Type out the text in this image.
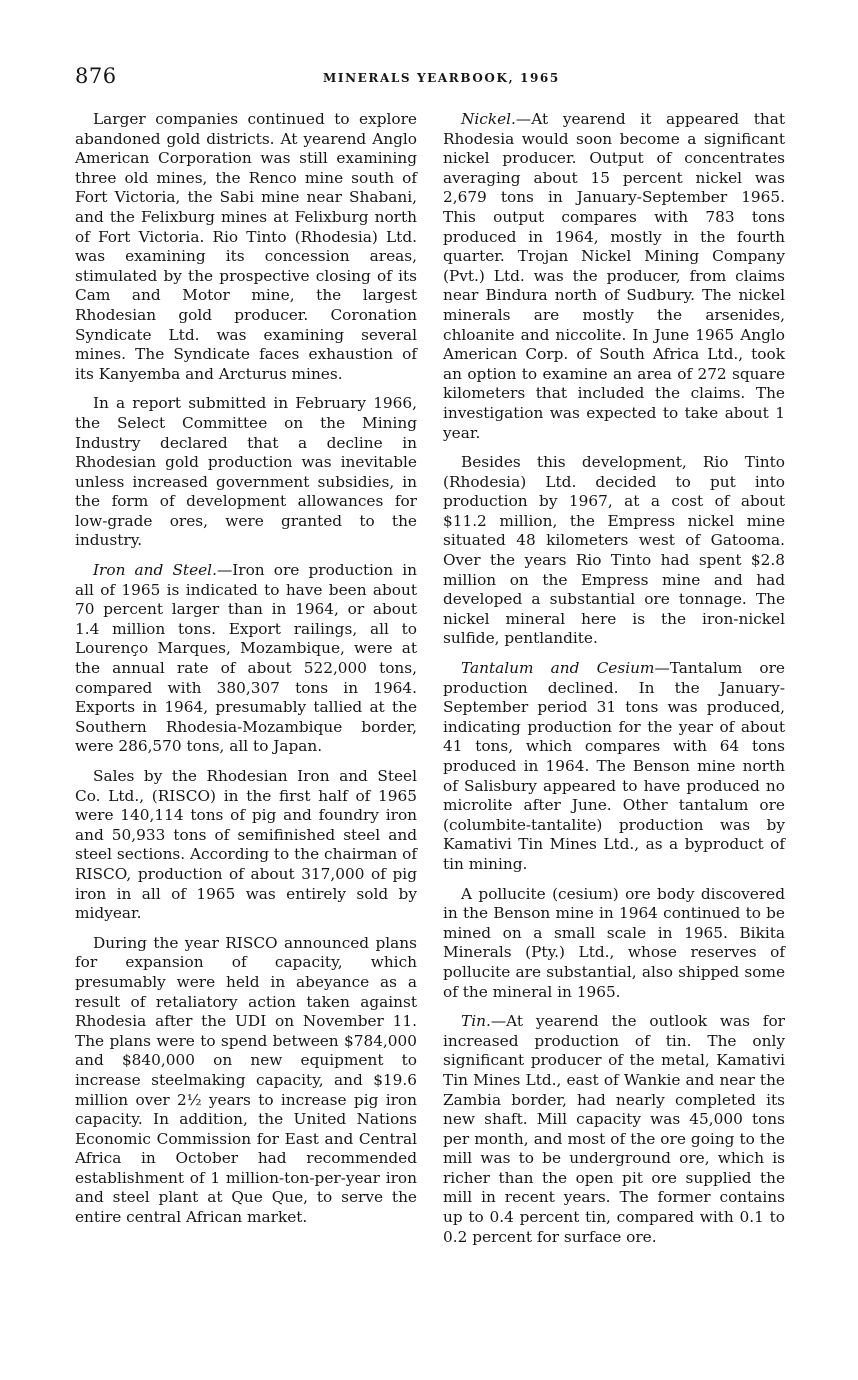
876	MINERALS YEARBOOK, 1965

Larger companies continued to explore abandoned gold districts. At yearend Anglo American Corporation was still examining three old mines, the Renco mine south of Fort Victoria, the Sabi mine near Shabani, and the Felixburg mines at Felixburg north of Fort Victoria. Rio Tinto (Rhodesia) Ltd. was examining its concession areas, stimulated by the prospective closing of its Cam and Motor mine, the largest Rhodesian gold producer. Coronation Syndicate Ltd. was examining several mines. The Syndicate faces exhaustion of its Kanyemba and Arcturus mines.

In a report submitted in February 1966, the Select Committee on the Mining Industry declared that a decline in Rhodesian gold production was inevitable unless increased government subsidies, in the form of development allowances for low-grade ores, were granted to the industry.

Iron and Steel.—Iron ore production in all of 1965 is indicated to have been about 70 percent larger than in 1964, or about 1.4 million tons. Export railings, all to Lourenço Marques, Mozambique, were at the annual rate of about 522,000 tons, compared with 380,307 tons in 1964. Exports in 1964, presumably tallied at the Southern Rhodesia-Mozambique border, were 286,570 tons, all to Japan.

Sales by the Rhodesian Iron and Steel Co. Ltd., (RISCO) in the first half of 1965 were 140,114 tons of pig and foundry iron and 50,933 tons of semifinished steel and steel sections. According to the chairman of RISCO, production of about 317,000 of pig iron in all of 1965 was entirely sold by midyear.

During the year RISCO announced plans for expansion of capacity, which presumably were held in abeyance as a result of retaliatory action taken against Rhodesia after the UDI on November 11. The plans were to spend between $784,000 and $840,000 on new equipment to increase steelmaking capacity, and $19.6 million over 2½ years to increase pig iron capacity. In addition, the United Nations Economic Commission for East and Central Africa in October had recommended establishment of 1 million-ton-per-year iron and steel plant at Que Que, to serve the entire central African market.

Nickel.—At yearend it appeared that Rhodesia would soon become a significant nickel producer. Output of concentrates averaging about 15 percent nickel was 2,679 tons in January-September 1965. This output compares with 783 tons produced in 1964, mostly in the fourth quarter. Trojan Nickel Mining Company (Pvt.) Ltd. was the producer, from claims near Bindura north of Sudbury. The nickel minerals are mostly the arsenides, chloanite and niccolite. In June 1965 Anglo American Corp. of South Africa Ltd., took an option to examine an area of 272 square kilometers that included the claims. The investigation was expected to take about 1 year.

Besides this development, Rio Tinto (Rhodesia) Ltd. decided to put into production by 1967, at a cost of about $11.2 million, the Empress nickel mine situated 48 kilometers west of Gatooma. Over the years Rio Tinto had spent $2.8 million on the Empress mine and had developed a substantial ore tonnage. The nickel mineral here is the iron-nickel sulfide, pentlandite.

Tantalum and Cesium—Tantalum ore production declined. In the January-September period 31 tons was produced, indicating production for the year of about 41 tons, which compares with 64 tons produced in 1964. The Benson mine north of Salisbury appeared to have produced no microlite after June. Other tantalum ore (columbite-tantalite) production was by Kamativi Tin Mines Ltd., as a byproduct of tin mining.

A pollucite (cesium) ore body discovered in the Benson mine in 1964 continued to be mined on a small scale in 1965. Bikita Minerals (Pty.) Ltd., whose reserves of pollucite are substantial, also shipped some of the mineral in 1965.

Tin.—At yearend the outlook was for increased production of tin. The only significant producer of the metal, Kamativi Tin Mines Ltd., east of Wankie and near the Zambia border, had nearly completed its new shaft. Mill capacity was 45,000 tons per month, and most of the ore going to the mill was to be underground ore, which is richer than the open pit ore supplied the mill in recent years. The former contains up to 0.4 percent tin, compared with 0.1 to 0.2 percent for surface ore.
